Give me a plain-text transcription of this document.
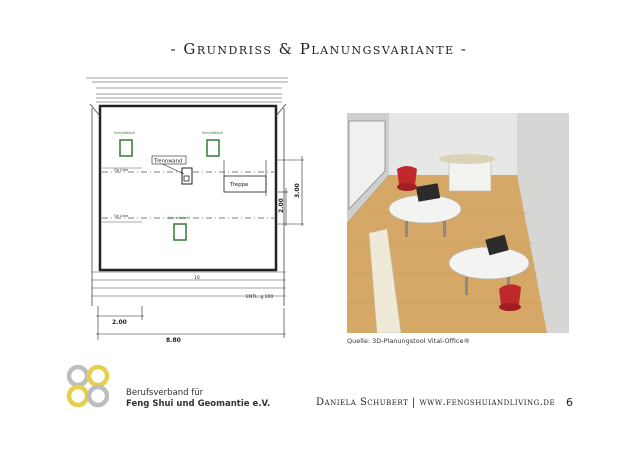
- Grundriss & Planungsvariante -
Trennwand
Treppe
Schreibtisch	Schreibtisch
Schreibtisch
Ge Linie
Ge Linie
10
ENTL. g 100
3.00
2.00
2.00
8.80	Quelle: 3D-Planungstool Vital-Office®
Berufsverband für
Feng Shui und Geomantie e.V.	Daniela Schubert | www.fengshuiandliving.de 6
